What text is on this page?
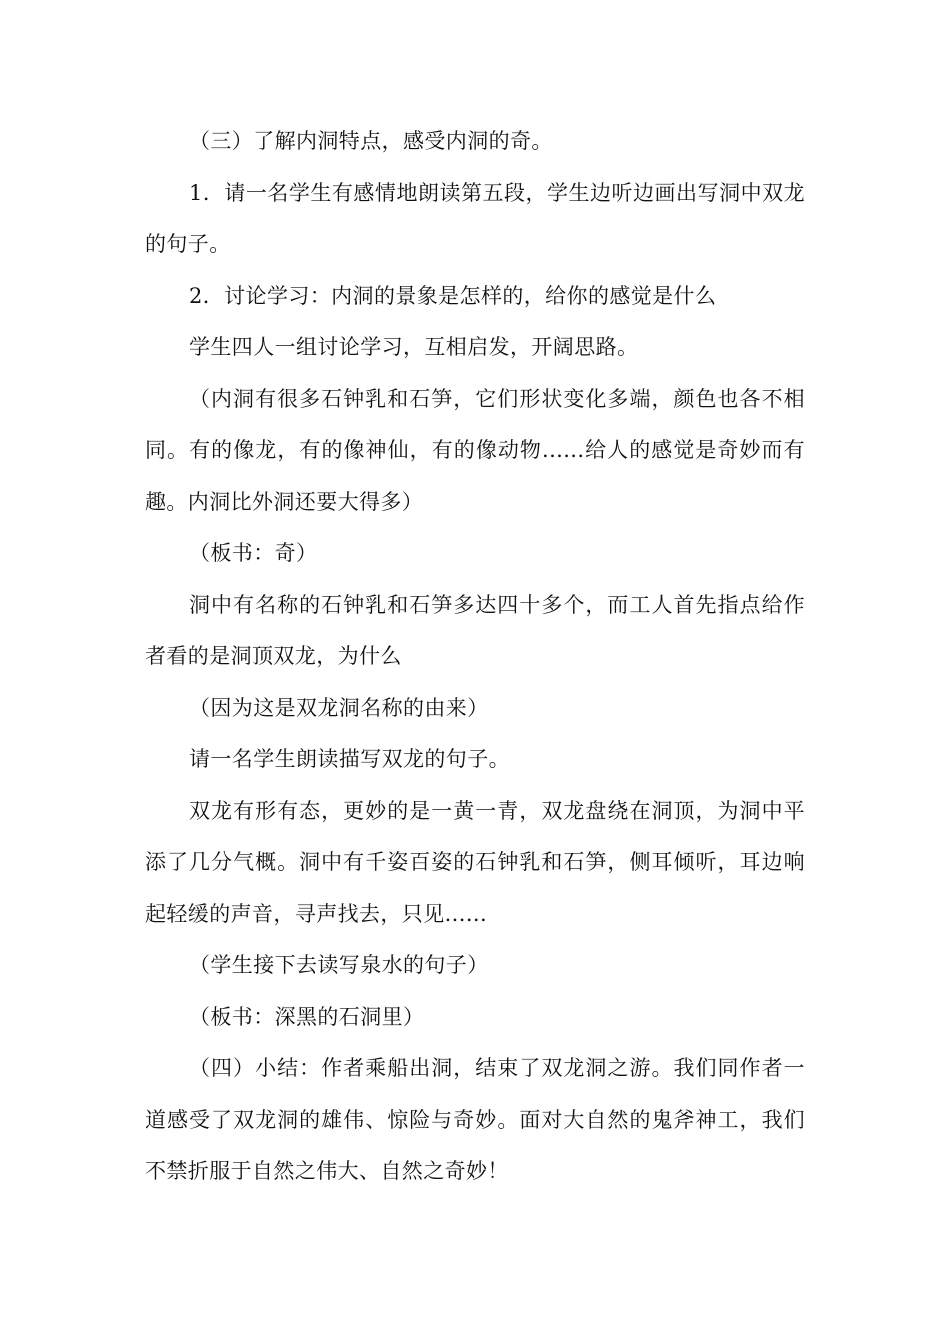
（三）了解内洞特点，感受内洞的奇。

1．请一名学生有感情地朗读第五段，学生边听边画出写洞中双龙的句子。

2．讨论学习：内洞的景象是怎样的，给你的感觉是什么

学生四人一组讨论学习，互相启发，开阔思路。

（内洞有很多石钟乳和石笋，它们形状变化多端，颜色也各不相同。有的像龙，有的像神仙，有的像动物......给人的感觉是奇妙而有趣。内洞比外洞还要大得多）

（板书：奇）

洞中有名称的石钟乳和石笋多达四十多个，而工人首先指点给作者看的是洞顶双龙，为什么

（因为这是双龙洞名称的由来）

请一名学生朗读描写双龙的句子。

双龙有形有态，更妙的是一黄一青，双龙盘绕在洞顶，为洞中平添了几分气概。洞中有千姿百姿的石钟乳和石笋，侧耳倾听，耳边响起轻缓的声音，寻声找去，只见......

（学生接下去读写泉水的句子）

（板书：深黑的石洞里）

（四）小结：作者乘船出洞，结束了双龙洞之游。我们同作者一道感受了双龙洞的雄伟、惊险与奇妙。面对大自然的鬼斧神工，我们不禁折服于自然之伟大、自然之奇妙！
